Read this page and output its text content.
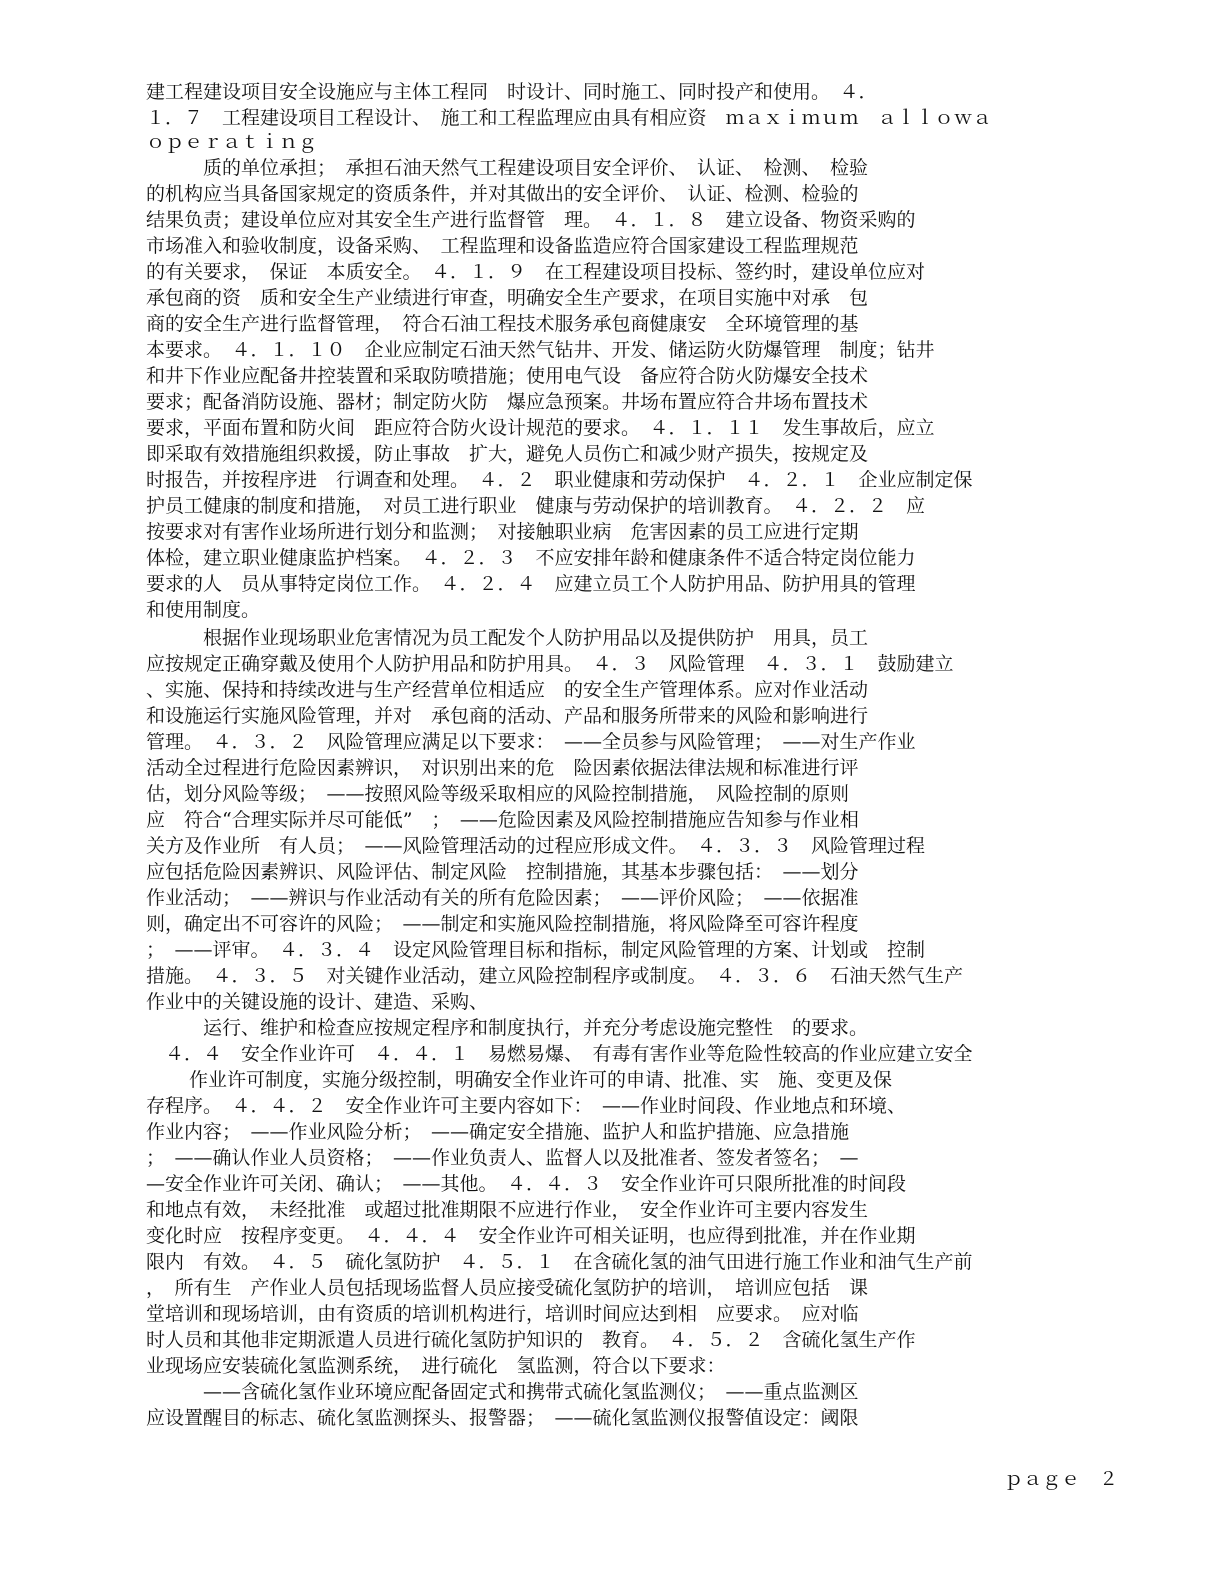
建工程建设项目安全设施应与主体工程同　时设计、同时施工、同时投产和使用。　４．
１．７　工程建设项目工程设计、　施工和工程监理应由具有相应资　ｍａｘｉｍｕｍ　ａｌｌｏｗａ
ｏｐｅｒａｔｉｎｇ
　　　质的单位承担；　承担石油天然气工程建设项目安全评价、　认证、　检测、　检验
的机构应当具备国家规定的资质条件，并对其做出的安全评价、　认证、检测、检验的
结果负责；建设单位应对其安全生产进行监督管　理。　４．１．８　建立设备、物资采购的
市场准入和验收制度，设备采购、　工程监理和设备监造应符合国家建设工程监理规范
的有关要求，　保证　本质安全。　４．１．９　在工程建设项目投标、签约时，建设单位应对
承包商的资　质和安全生产业绩进行审查，明确安全生产要求，在项目实施中对承　包
商的安全生产进行监督管理，　符合石油工程技术服务承包商健康安　全环境管理的基
本要求。　４．１．１０　企业应制定石油天然气钻井、开发、储运防火防爆管理　制度；钻井
和井下作业应配备井控装置和采取防喷措施；使用电气设　备应符合防火防爆安全技术
要求；配备消防设施、器材；制定防火防　爆应急预案。井场布置应符合井场布置技术
要求，平面布置和防火间　距应符合防火设计规范的要求。　４．１．１１　发生事故后，应立
即采取有效措施组织救援，防止事故　扩大，避免人员伤亡和减少财产损失，按规定及
时报告，并按程序进　行调查和处理。　４．２　职业健康和劳动保护　４．２．１　企业应制定保
护员工健康的制度和措施，　对员工进行职业　健康与劳动保护的培训教育。　４．２．２　应
按要求对有害作业场所进行划分和监测；　对接触职业病　危害因素的员工应进行定期
体检，建立职业健康监护档案。　４．２．３　不应安排年龄和健康条件不适合特定岗位能力
要求的人　员从事特定岗位工作。　４．２．４　应建立员工个人防护用品、防护用具的管理
和使用制度。
　　　根据作业现场职业危害情况为员工配发个人防护用品以及提供防护　用具，员工
应按规定正确穿戴及使用个人防护用品和防护用具。　４．３　风险管理　４．３．１　鼓励建立
、实施、保持和持续改进与生产经营单位相适应　的安全生产管理体系。应对作业活动
和设施运行实施风险管理，并对　承包商的活动、产品和服务所带来的风险和影响进行
管理。　４．３．２　风险管理应满足以下要求：　——全员参与风险管理；　——对生产作业
活动全过程进行危险因素辨识，　对识别出来的危　险因素依据法律法规和标准进行评
估，划分风险等级；　——按照风险等级采取相应的风险控制措施，　风险控制的原则
应　符合“合理实际并尽可能低”　；　——危险因素及风险控制措施应告知参与作业相
关方及作业所　有人员；　——风险管理活动的过程应形成文件。　４．３．３　风险管理过程
应包括危险因素辨识、风险评估、制定风险　控制措施，其基本步骤包括：　——划分
作业活动；　——辨识与作业活动有关的所有危险因素；　——评价风险；　——依据准
则，确定出不可容许的风险；　——制定和实施风险控制措施，将风险降至可容许程度
；　——评审。　４．３．４　设定风险管理目标和指标，制定风险管理的方案、计划或　控制
措施。　４．３．５　对关键作业活动，建立风险控制程序或制度。　４．３．６　石油天然气生产
作业中的关键设施的设计、建造、采购、
　　　运行、维护和检查应按规定程序和制度执行，并充分考虑设施完整性　的要求。
　４．４　安全作业许可　４．４．１　易燃易爆、　有毒有害作业等危险性较高的作业应建立安全
　作业许可制度，实施分级控制，明确安全作业许可的申请、批准、实　施、变更及保
存程序。　４．４．２　安全作业许可主要内容如下：　——作业时间段、作业地点和环境、
作业内容；　——作业风险分析；　——确定安全措施、监护人和监护措施、应急措施
；　——确认作业人员资格；　——作业负责人、监督人以及批准者、签发者签名；　—
—安全作业许可关闭、确认；　——其他。　４．４．３　安全作业许可只限所批准的时间段
和地点有效，　未经批准　或超过批准期限不应进行作业，　安全作业许可主要内容发生
变化时应　按程序变更。　４．４．４　安全作业许可相关证明，也应得到批准，并在作业期
限内　有效。　４．５　硫化氢防护　４．５．１　在含硫化氢的油气田进行施工作业和油气生产前
，　所有生　产作业人员包括现场监督人员应接受硫化氢防护的培训，　培训应包括　课
堂培训和现场培训，由有资质的培训机构进行，培训时间应达到相　应要求。　应对临
时人员和其他非定期派遣人员进行硫化氢防护知识的　教育。　４．５．２　含硫化氢生产作
业现场应安装硫化氢监测系统，　进行硫化　氢监测，符合以下要求：
　　　——含硫化氢作业环境应配备固定式和携带式硫化氢监测仪；　——重点监测区
应设置醒目的标志、硫化氢监测探头、报警器；　——硫化氢监测仪报警值设定：阈限
ｐａｇｅ　２
